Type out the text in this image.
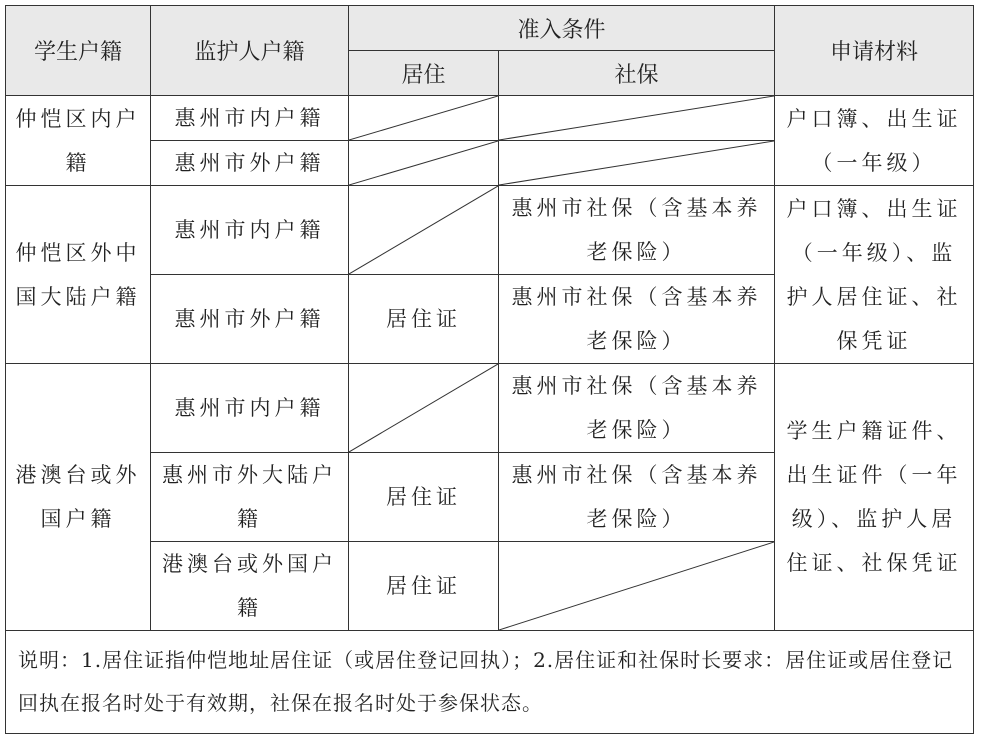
学生户籍	监护人户籍	准入条件		申请材料
		居住	社保	
仲恺区内户籍	惠州市内户籍			户口簿、出生证（一年级）
	惠州市外户籍	

仲恺区外中国大陆户籍	惠州市内户籍		惠州市社保（含基本养老保险）	户口簿、出生证（一年级）、监护人居住证、社保凭证
	惠州市外户籍	居住证	惠州市社保（含基本养老保险）	
港澳台或外国户籍	惠州市内户籍		惠州市社保（含基本养老保险）	学生户籍证件、出生证件（一年级）、监护人居住证、社保凭证
	惠州市外大陆户籍	居住证	惠州市社保（含基本养老保险）	
	港澳台或外国户籍	居住证	

说明：1.居住证指仲恺地址居住证（或居住登记回执）；2.居住证和社保时长要求：居住证或居住登记回执在报名时处于有效期，社保在报名时处于参保状态。				
